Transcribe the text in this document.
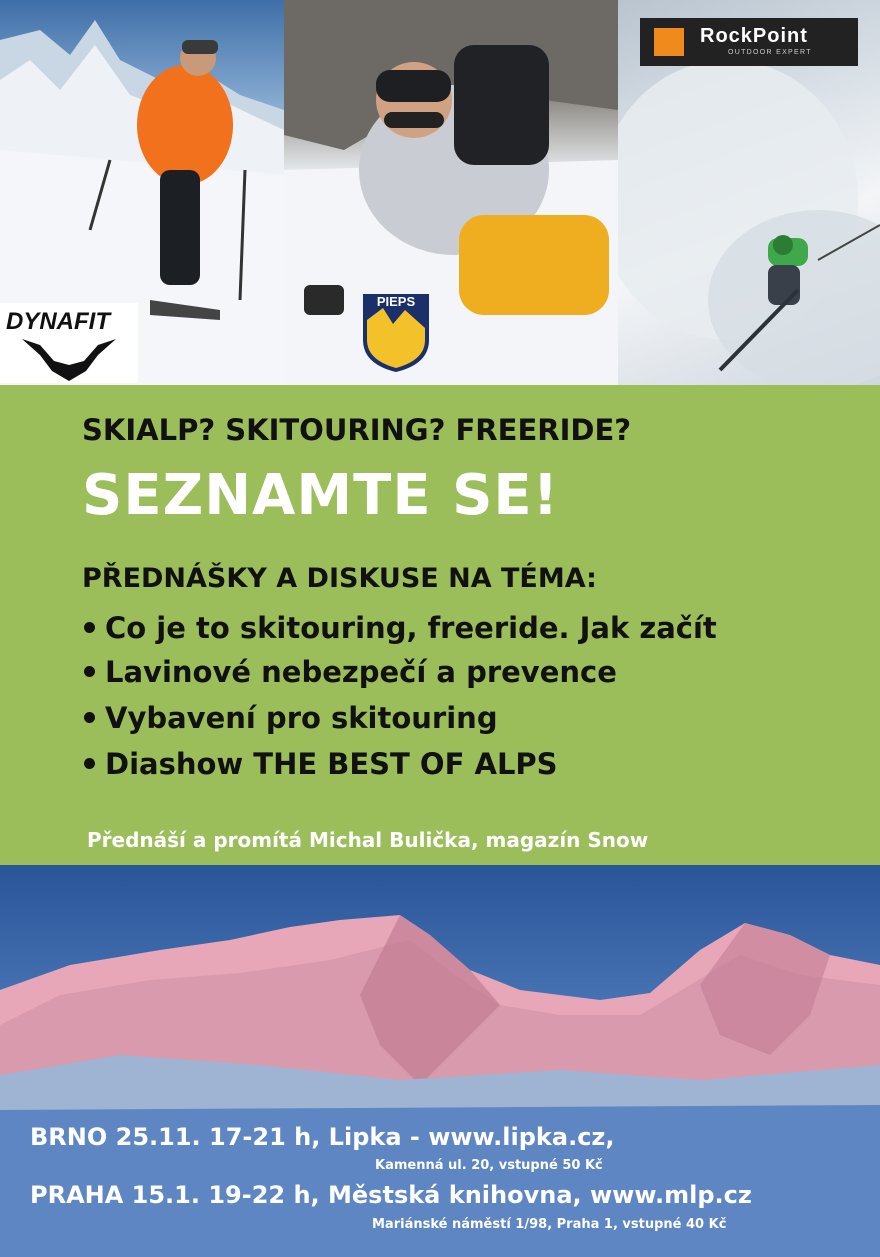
DYNAFIT
PIEPS
RockPoint
OUTDOOR EXPERT
SKIALP? SKITOURING? FREERIDE?
SEZNAMTE SE!
PŘEDNÁŠKY A DISKUSE NA TÉMA:
Co je to skitouring, freeride. Jak začít
Lavinové nebezpečí a prevence
Vybavení pro skitouring
Diashow THE BEST OF ALPS
Přednáší a promítá Michal Bulička, magazín Snow
BRNO 25.11. 17-21 h, Lipka - www.lipka.cz,
Kamenná ul. 20, vstupné 50 Kč
PRAHA 15.1. 19-22 h, Městská knihovna, www.mlp.cz
Mariánské náměstí 1/98, Praha 1, vstupné 40 Kč
